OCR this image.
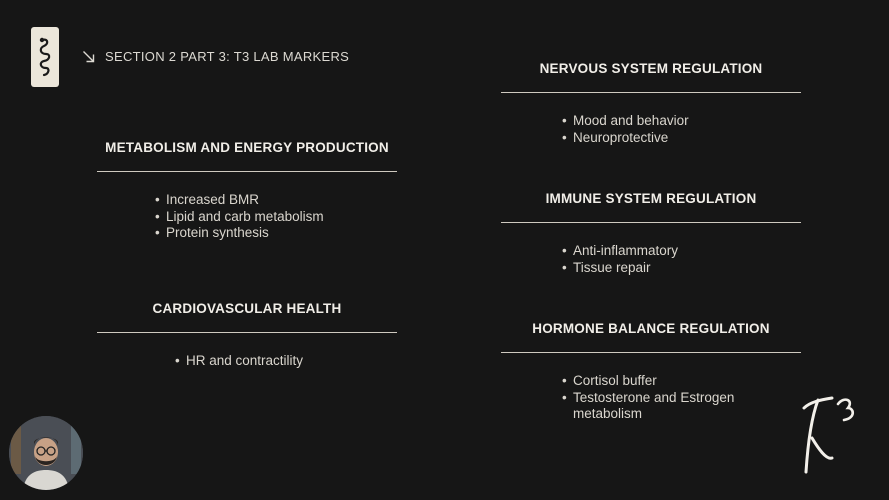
SECTION 2 PART 3: T3 LAB MARKERS
METABOLISM AND ENERGY PRODUCTION
• Increased BMR
• Lipid and carb metabolism
• Protein synthesis
CARDIOVASCULAR HEALTH
• HR and contractility
NERVOUS SYSTEM REGULATION
• Mood and behavior
• Neuroprotective
IMMUNE SYSTEM REGULATION
• Anti-inflammatory
• Tissue repair
HORMONE BALANCE REGULATION
• Cortisol buffer
• Testosterone and Estrogen metabolism
